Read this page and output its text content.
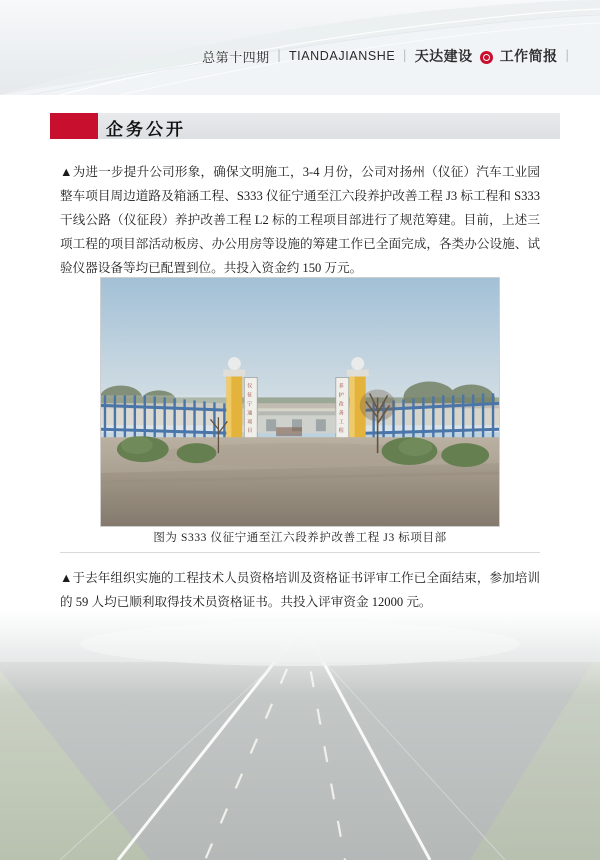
总第十四期 | TIANDAJIANSHE | 天达建设 工作简报 |
企务公开

▲为进一步提升公司形象，确保文明施工，3-4 月份，公司对扬州（仪征）汽车工业园整车项目周边道路及箱涵工程、S333 仪征宁通至江六段养护改善工程 J3 标工程和 S333 干线公路（仪征段）养护改善工程 L2 标的工程项目部进行了规范筹建。目前，上述三项工程的项目部活动板房、办公用房等设施的筹建工作已全面完成，各类办公设施、试验仪器设备等均已配置到位。共投入资金约 150 万元。

仪
征
宁
通
项
目
养
护
改
善
工
程
图为 S333 仪征宁通至江六段养护改善工程 J3 标项目部

▲于去年组织实施的工程技术人员资格培训及资格证书评审工作已全面结束，参加培训的 59 人均已顺利取得技术员资格证书。共投入评审资金 12000 元。
